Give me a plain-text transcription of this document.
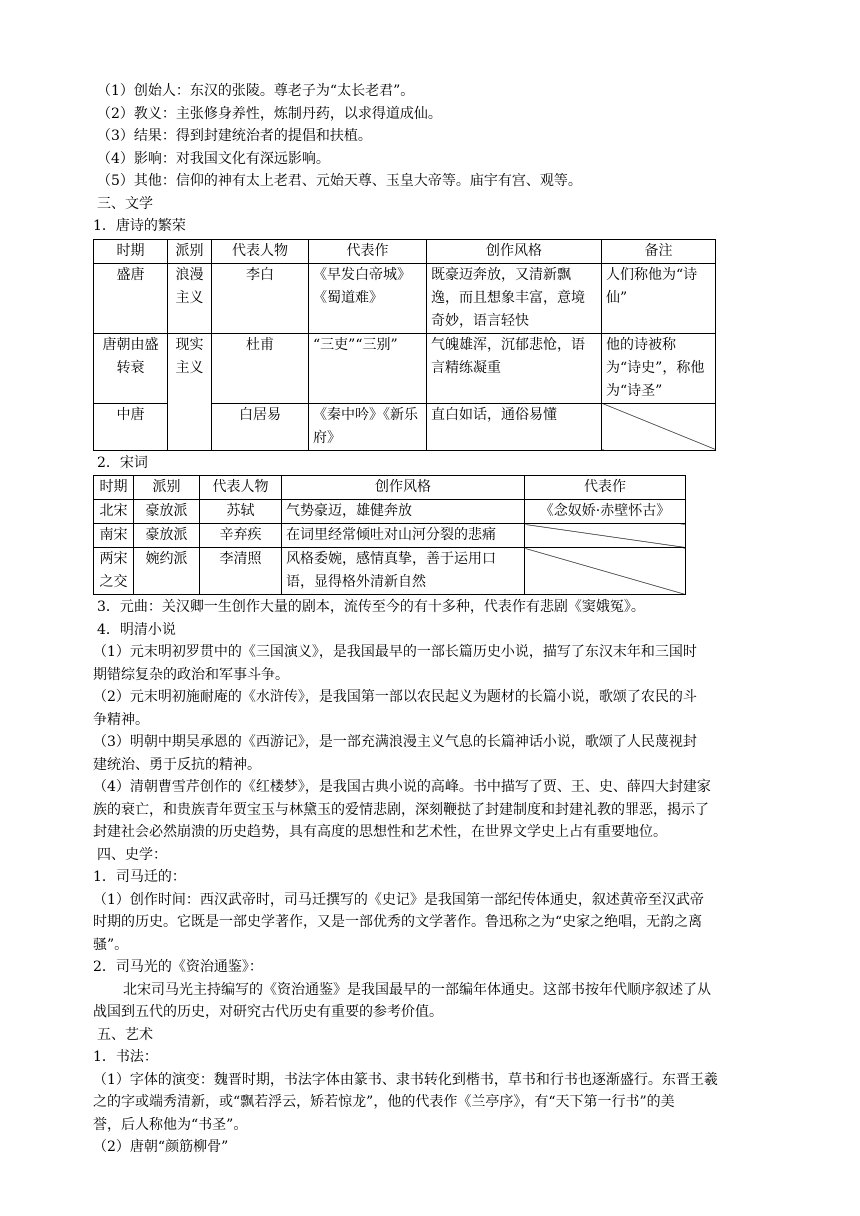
（1）创始人：东汉的张陵。尊老子为“太长老君”。
（2）教义：主张修身养性，炼制丹药，以求得道成仙。
（3）结果：得到封建统治者的提倡和扶植。
（4）影响：对我国文化有深远影响。
（5）其他：信仰的神有太上老君、元始天尊、玉皇大帝等。庙宇有宫、观等。
三、文学
1．唐诗的繁荣
时期	派别	代表人物	代表作	创作风格	备注
盛唐	浪漫主义	李白	《早发白帝城》《蜀道难》	既豪迈奔放，又清新飘逸，而且想象丰富，意境奇妙，语言轻快	人们称他为“诗仙”
唐朝由盛转衰	现实主义	杜甫	“三吏”“三别”	气魄雄浑，沉郁悲怆，语言精练凝重	他的诗被称为“诗史”，称他为“诗圣”
中唐		白居易	《秦中吟》《新乐府》	直白如话，通俗易懂	
2．宋词
时期	派别	代表人物	创作风格	代表作
北宋	豪放派	苏轼	气势豪迈，雄健奔放	《念奴娇·赤壁怀古》
南宋	豪放派	辛弃疾	在词里经常倾吐对山河分裂的悲痛	
两宋之交	婉约派	李清照	风格委婉，感情真挚，善于运用口语，显得格外清新自然	
3．元曲：关汉卿一生创作大量的剧本，流传至今的有十多种，代表作有悲剧《窦娥冤》。
4．明清小说
（1）元末明初罗贯中的《三国演义》，是我国最早的一部长篇历史小说，描写了东汉末年和三国时
期错综复杂的政治和军事斗争。
（2）元末明初施耐庵的《水浒传》，是我国第一部以农民起义为题材的长篇小说，歌颂了农民的斗
争精神。
（3）明朝中期吴承恩的《西游记》，是一部充满浪漫主义气息的长篇神话小说，歌颂了人民蔑视封
建统治、勇于反抗的精神。
（4）清朝曹雪芹创作的《红楼梦》，是我国古典小说的高峰。书中描写了贾、王、史、薛四大封建家
族的衰亡，和贵族青年贾宝玉与林黛玉的爱情悲剧，深刻鞭挞了封建制度和封建礼教的罪恶，揭示了
封建社会必然崩溃的历史趋势，具有高度的思想性和艺术性，在世界文学史上占有重要地位。
四、史学：
1．司马迁的：
（1）创作时间：西汉武帝时，司马迁撰写的《史记》是我国第一部纪传体通史，叙述黄帝至汉武帝
时期的历史。它既是一部史学著作，又是一部优秀的文学著作。鲁迅称之为“史家之绝唱，无韵之离
骚”。
2．司马光的《资治通鉴》：
北宋司马光主持编写的《资治通鉴》是我国最早的一部编年体通史。这部书按年代顺序叙述了从
战国到五代的历史，对研究古代历史有重要的参考价值。
五、艺术
1．书法：
（1）字体的演变：魏晋时期，书法字体由篆书、隶书转化到楷书，草书和行书也逐渐盛行。东晋王羲
之的字或端秀清新，或“飘若浮云，矫若惊龙”，他的代表作《兰亭序》，有“天下第一行书”的美
誉，后人称他为“书圣”。
（2）唐朝“颜筋柳骨”
